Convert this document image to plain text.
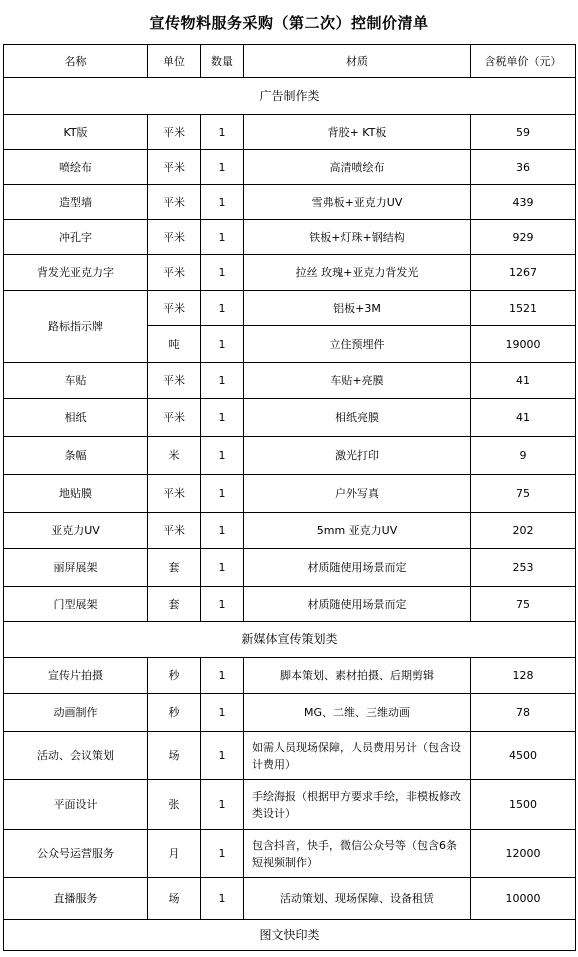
宣传物料服务采购（第二次）控制价清单
名称	单位	数量	材质	含税单价（元）
广告制作类				
KT版	平米	1	背胶+ KT板	59
喷绘布	平米	1	高清喷绘布	36
造型墙	平米	1	雪弗板+亚克力UV	439
冲孔字	平米	1	铁板+灯珠+钢结构	929
背发光亚克力字	平米	1	拉丝 玫瑰+亚克力背发光	1267
路标指示牌	平米	1	铝板+3M	1521
	吨	1	立住预埋件	19000
车贴	平米	1	车贴+亮膜	41
相纸	平米	1	相纸亮膜	41
条幅	米	1	激光打印	9
地贴膜	平米	1	户外写真	75
亚克力UV	平米	1	5mm 亚克力UV	202
丽屏展架	套	1	材质随使用场景而定	253
门型展架	套	1	材质随使用场景而定	75
新媒体宣传策划类				
宣传片拍摄	秒	1	脚本策划、素材拍摄、后期剪辑	128
动画制作	秒	1	MG、二维、三维动画	78
活动、会议策划	场	1	如需人员现场保障，人员费用另计（包含设计费用）	4500
平面设计	张	1	手绘海报（根据甲方要求手绘，非模板修改类设计）	1500
公众号运营服务	月	1	包含抖音，快手，微信公众号等（包含6条短视频制作）	12000
直播服务	场	1	活动策划、现场保障、设备租赁	10000
图文快印类				
